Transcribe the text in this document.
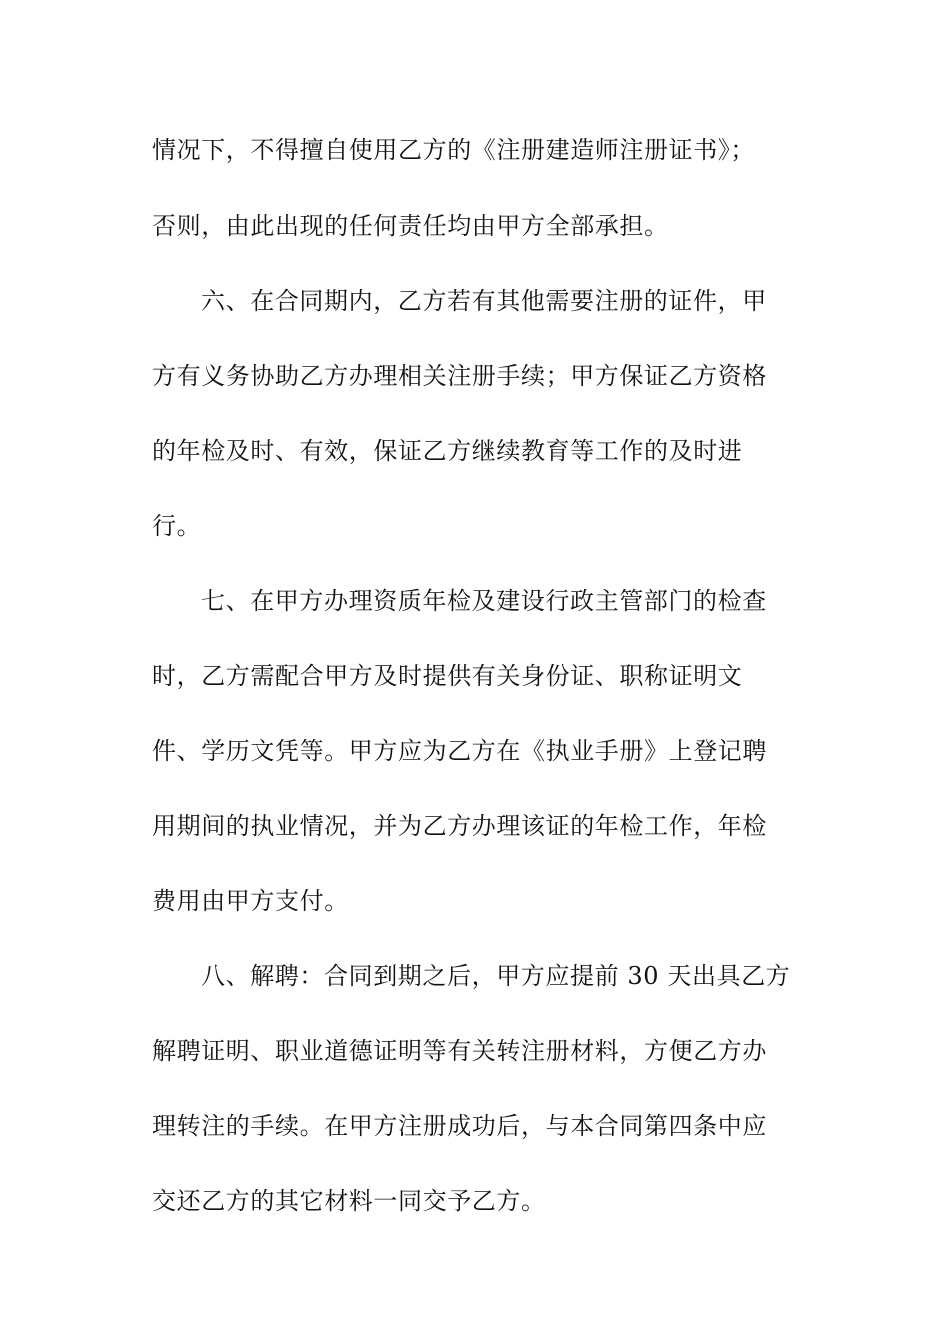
情况下，不得擅自使用乙方的《注册建造师注册证书》；
否则，由此出现的任何责任均由甲方全部承担。
六、在合同期内，乙方若有其他需要注册的证件，甲
方有义务协助乙方办理相关注册手续；甲方保证乙方资格
的年检及时、有效，保证乙方继续教育等工作的及时进
行。
七、在甲方办理资质年检及建设行政主管部门的检查
时，乙方需配合甲方及时提供有关身份证、职称证明文
件、学历文凭等。甲方应为乙方在《执业手册》上登记聘
用期间的执业情况，并为乙方办理该证的年检工作，年检
费用由甲方支付。
八、解聘：合同到期之后，甲方应提前 30 天出具乙方
解聘证明、职业道德证明等有关转注册材料，方便乙方办
理转注的手续。在甲方注册成功后，与本合同第四条中应
交还乙方的其它材料一同交予乙方。
